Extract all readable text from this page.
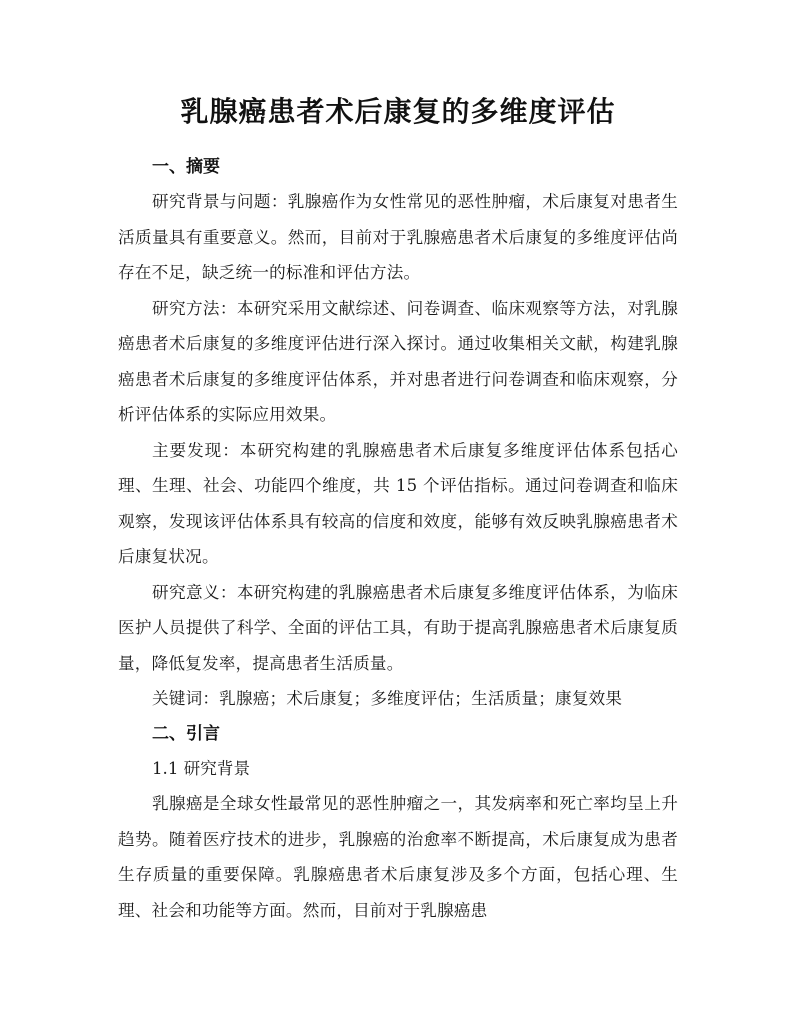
乳腺癌患者术后康复的多维度评估
一、摘要

研究背景与问题：乳腺癌作为女性常见的恶性肿瘤，术后康复对患者生活质量具有重要意义。然而，目前对于乳腺癌患者术后康复的多维度评估尚存在不足，缺乏统一的标准和评估方法。

研究方法：本研究采用文献综述、问卷调查、临床观察等方法，对乳腺癌患者术后康复的多维度评估进行深入探讨。通过收集相关文献，构建乳腺癌患者术后康复的多维度评估体系，并对患者进行问卷调查和临床观察，分析评估体系的实际应用效果。

主要发现：本研究构建的乳腺癌患者术后康复多维度评估体系包括心理、生理、社会、功能四个维度，共 15 个评估指标。通过问卷调查和临床观察，发现该评估体系具有较高的信度和效度，能够有效反映乳腺癌患者术后康复状况。

研究意义：本研究构建的乳腺癌患者术后康复多维度评估体系，为临床医护人员提供了科学、全面的评估工具，有助于提高乳腺癌患者术后康复质量，降低复发率，提高患者生活质量。

关键词：乳腺癌；术后康复；多维度评估；生活质量；康复效果

二、引言

1.1 研究背景

乳腺癌是全球女性最常见的恶性肿瘤之一，其发病率和死亡率均呈上升趋势。随着医疗技术的进步，乳腺癌的治愈率不断提高，术后康复成为患者生存质量的重要保障。乳腺癌患者术后康复涉及多个方面，包括心理、生理、社会和功能等方面。然而，目前对于乳腺癌患
